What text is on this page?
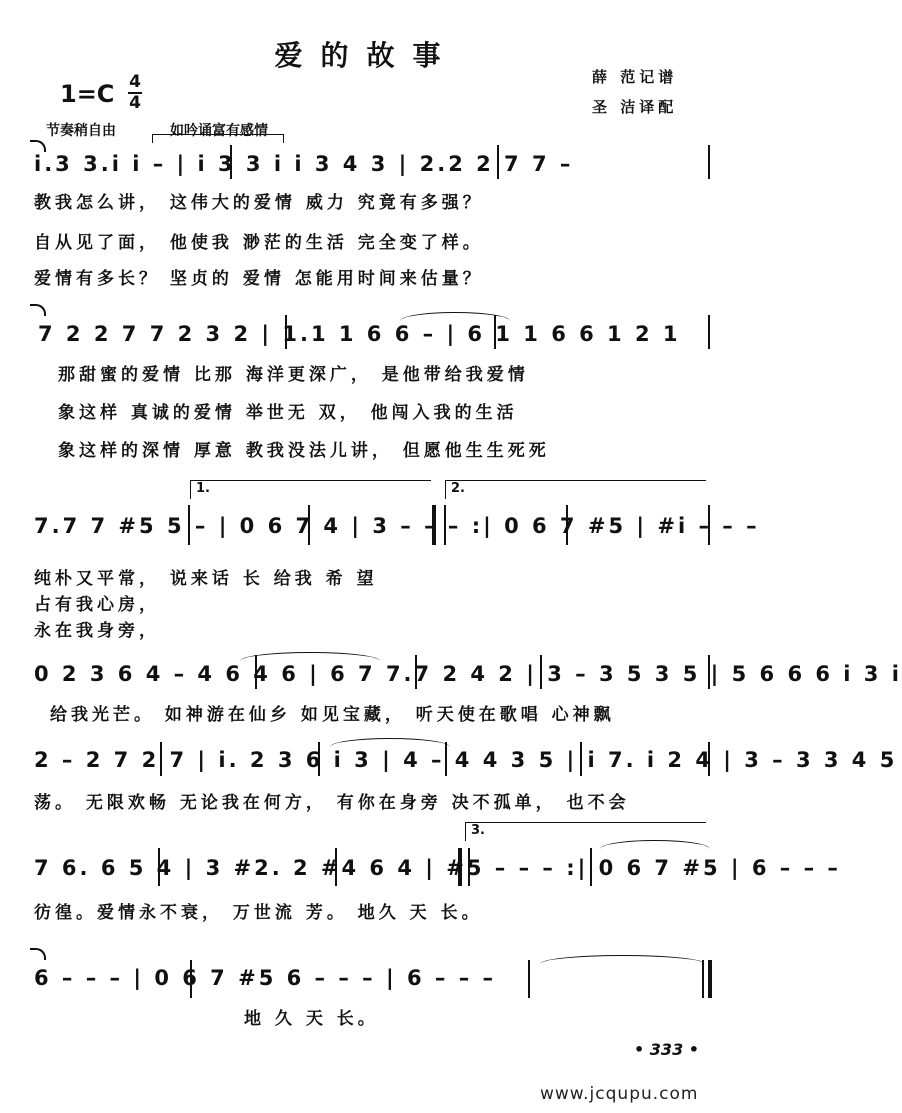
爱的故事
薛 范记谱
圣 洁译配
1=C 4
4
节奏稍自由	如吟诵富有感情
i.3 3.i i – | i 3 3 i i 3 4 3 | 2.2 2 7 7 –
教我怎么讲， 这伟大的爱情 威力 究竟有多强？
自从见了面， 他使我 渺茫的生活 完全变了样。
爱情有多长？ 坚贞的 爱情 怎能用时间来估量？
7 2 2 7 7 2 3 2 | 1.1 1 6 6 – | 6 1 1 6 6 1 2 1
那甜蜜的爱情 比那 海洋更深广， 是他带给我爱情
象这样 真诚的爱情 举世无 双， 他闯入我的生活
象这样的深情 厚意 教我没法儿讲， 但愿他生生死死
1.	2.
7.7 7 #5 5 – | 0 6 7 4 | 3 – – – :| 0 6 7 #5 | #i – – –
纯朴又平常， 说来话 长 给我 希 望
占有我心房，
永在我身旁，
0 2 3 6 4 – 4 6 4 6 | 6 7 7.7 2 4 2 | 3 – 3 5 3 5 | 5 6 6 6 i 3 i
给我光芒。 如神游在仙乡 如见宝藏， 听天使在歌唱 心神飘
2 – 2 7 2 7 | i. 2 3 6 i 3 | 4 – 4 4 3 5 | i 7. i 2 4 | 3 – 3 3 4 5
荡。 无限欢畅 无论我在何方， 有你在身旁 决不孤单， 也不会
3.
7 6. 6 5 4 | 3 #2. 2 #4 6 4 | #5 – – – :| 0 6 7 #5 | 6 – – –
彷徨。爱情永不衰， 万世流 芳。 地久 天 长。
6 – – – | 0 6 7 #5 6 – – – | 6 – – –
地 久 天 长。
• 333 •
www.jcqupu.com
